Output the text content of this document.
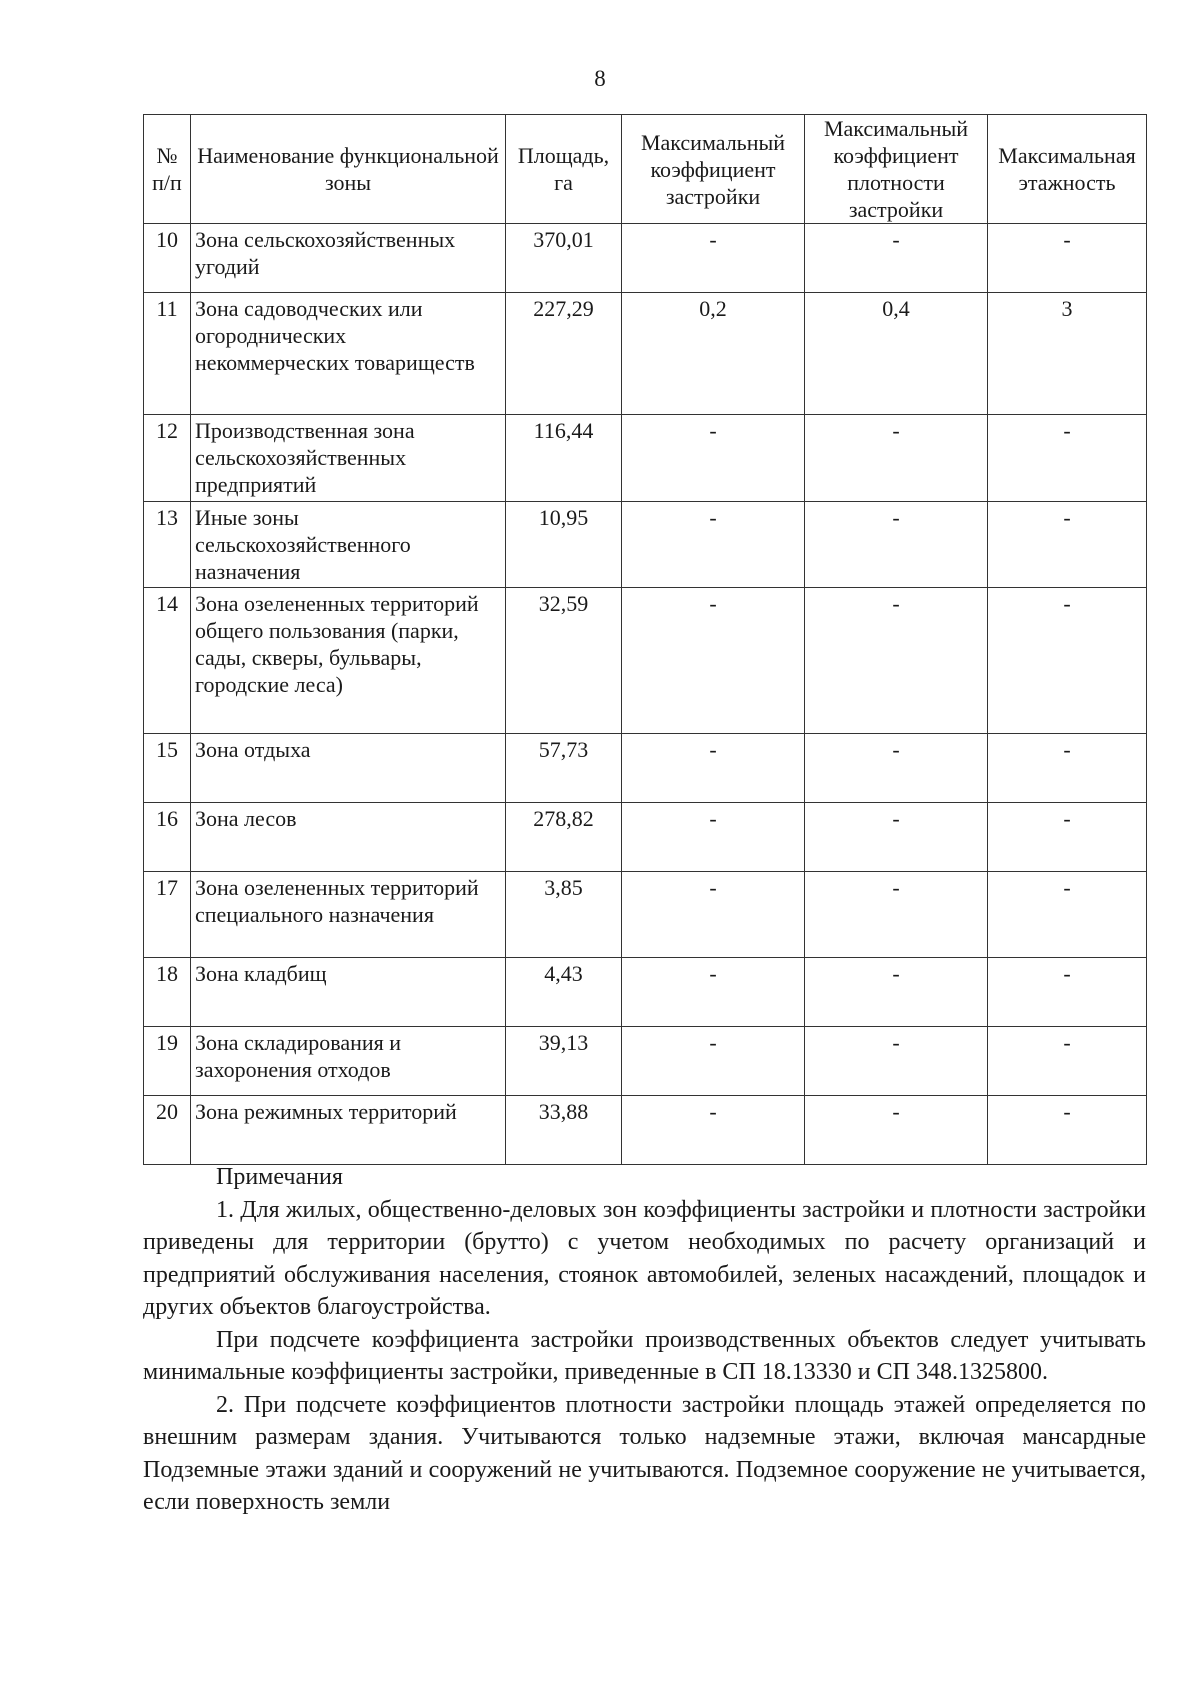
8
№ п/п	Наименование функциональной зоны	Площадь, га	Максимальный коэффициент застройки	Максимальный коэффициент плотности застройки	Максимальная этажность
10	Зона сельскохозяйственных угодий	370,01	-	-	-
11	Зона садоводческих или огороднических некоммерческих товариществ	227,29	0,2	0,4	3
12	Производственная зона сельскохозяйственных предприятий	116,44	-	-	-
13	Иные зоны сельскохозяйственного назначения	10,95	-	-	-
14	Зона озелененных территорий общего пользования (парки, сады, скверы, бульвары, городские леса)	32,59	-	-	-
15	Зона отдыха	57,73	-	-	-
16	Зона лесов	278,82	-	-	-
17	Зона озелененных территорий специального назначения	3,85	-	-	-
18	Зона кладбищ	4,43	-	-	-
19	Зона складирования и захоронения отходов	39,13	-	-	-
20	Зона режимных территорий	33,88	-	-	-
Примечания

1. Для жилых, общественно-деловых зон коэффициенты застройки и плотности застройки приведены для территории (брутто) с учетом необходимых по расчету организаций и предприятий обслуживания населения, стоянок автомобилей, зеленых насаждений, площадок и других объектов благоустройства.

При подсчете коэффициента застройки производственных объектов следует учитывать минимальные коэффициенты застройки, приведенные в СП 18.13330 и СП 348.1325800.

2. При подсчете коэффициентов плотности застройки площадь этажей определяется по внешним размерам здания. Учитываются только надземные этажи, включая мансардные Подземные этажи зданий и сооружений не учитываются. Подземное сооружение не учитывается, если поверхность земли
